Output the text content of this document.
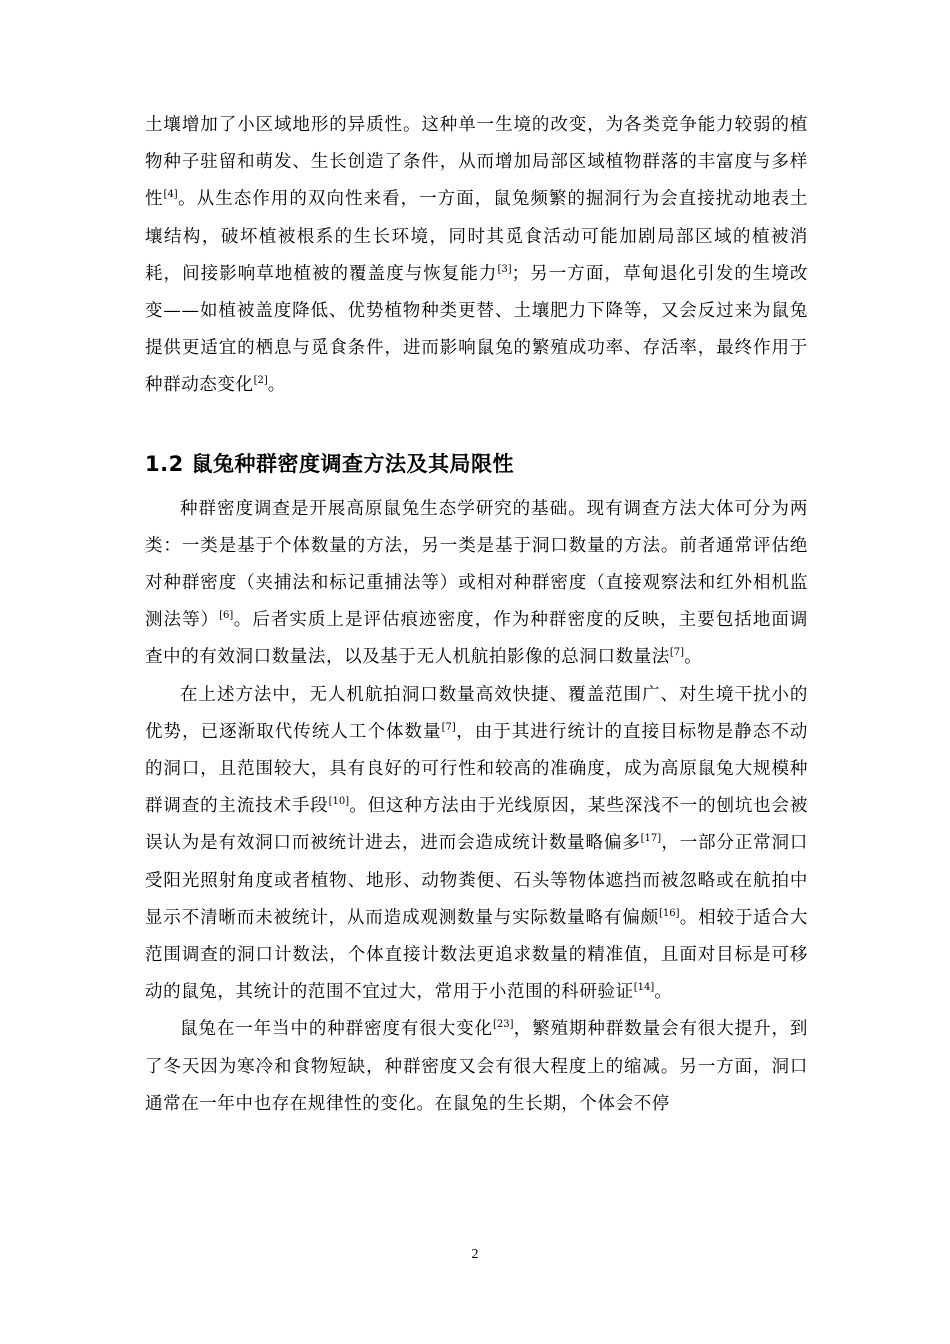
土壤增加了小区域地形的异质性。这种单一生境的改变，为各类竞争能力较弱的植物种子驻留和萌发、生长创造了条件，从而增加局部区域植物群落的丰富度与多样性[4]。从生态作用的双向性来看，一方面，鼠兔频繁的掘洞行为会直接扰动地表土壤结构，破坏植被根系的生长环境，同时其觅食活动可能加剧局部区域的植被消耗，间接影响草地植被的覆盖度与恢复能力[3]；另一方面，草甸退化引发的生境改变——如植被盖度降低、优势植物种类更替、土壤肥力下降等，又会反过来为鼠兔提供更适宜的栖息与觅食条件，进而影响鼠兔的繁殖成功率、存活率，最终作用于种群动态变化[2]。

1.2 鼠兔种群密度调查方法及其局限性

种群密度调查是开展高原鼠兔生态学研究的基础。现有调查方法大体可分为两类：一类是基于个体数量的方法，另一类是基于洞口数量的方法。前者通常评估绝对种群密度（夹捕法和标记重捕法等）或相对种群密度（直接观察法和红外相机监测法等）[6]。后者实质上是评估痕迹密度，作为种群密度的反映，主要包括地面调查中的有效洞口数量法，以及基于无人机航拍影像的总洞口数量法[7]。

在上述方法中，无人机航拍洞口数量高效快捷、覆盖范围广、对生境干扰小的优势，已逐渐取代传统人工个体数量[7]，由于其进行统计的直接目标物是静态不动的洞口，且范围较大，具有良好的可行性和较高的准确度，成为高原鼠兔大规模种群调查的主流技术手段[10]。但这种方法由于光线原因，某些深浅不一的刨坑也会被误认为是有效洞口而被统计进去，进而会造成统计数量略偏多[17]，一部分正常洞口受阳光照射角度或者植物、地形、动物粪便、石头等物体遮挡而被忽略或在航拍中显示不清晰而未被统计，从而造成观测数量与实际数量略有偏颇[16]。相较于适合大范围调查的洞口计数法，个体直接计数法更追求数量的精准值，且面对目标是可移动的鼠兔，其统计的范围不宜过大，常用于小范围的科研验证[14]。

鼠兔在一年当中的种群密度有很大变化[23]，繁殖期种群数量会有很大提升，到了冬天因为寒冷和食物短缺，种群密度又会有很大程度上的缩减。另一方面，洞口通常在一年中也存在规律性的变化。在鼠兔的生长期，个体会不停

2
